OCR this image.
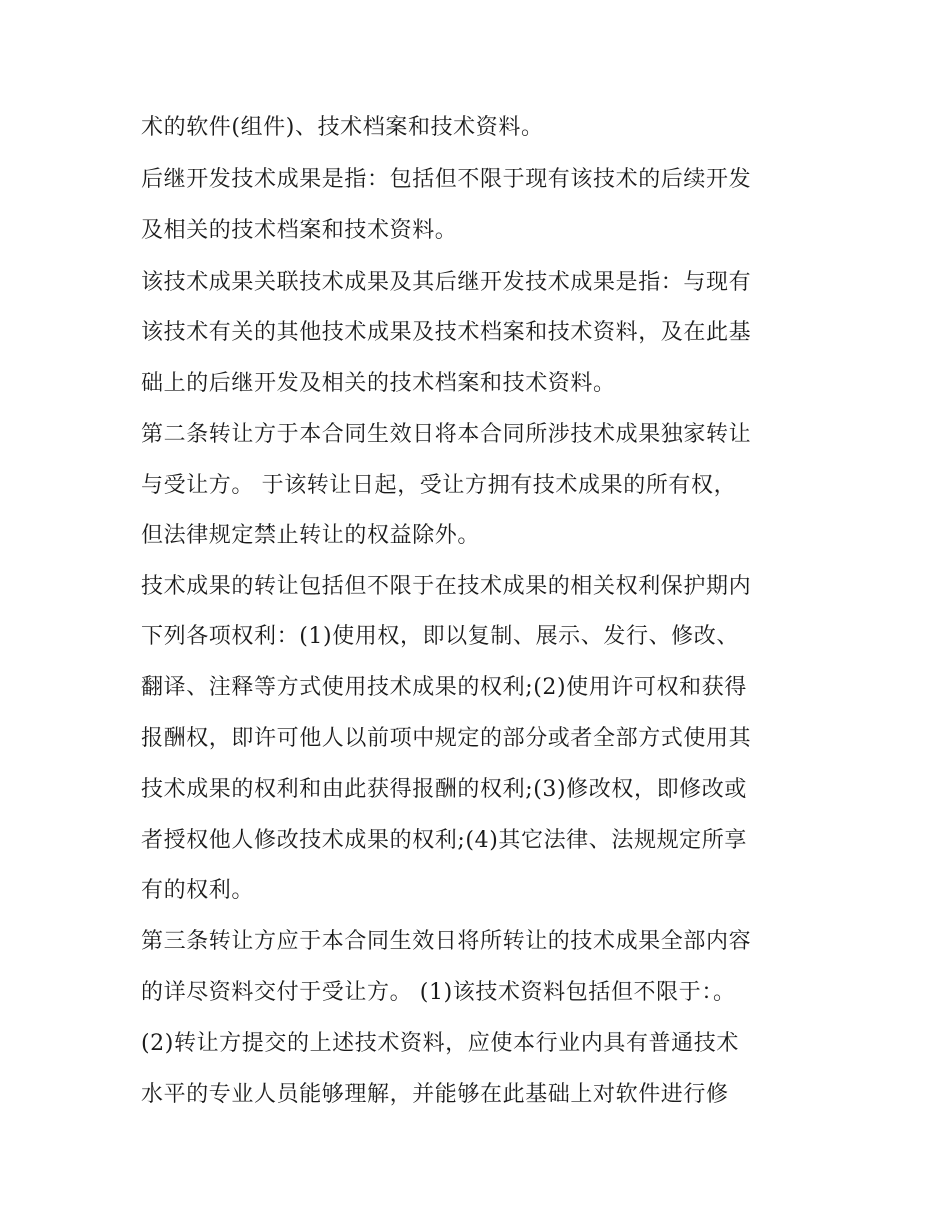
术的软件(组件)、技术档案和技术资料。
后继开发技术成果是指：包括但不限于现有该技术的后续开发
及相关的技术档案和技术资料。
该技术成果关联技术成果及其后继开发技术成果是指：与现有
该技术有关的其他技术成果及技术档案和技术资料，及在此基
础上的后继开发及相关的技术档案和技术资料。
第二条转让方于本合同生效日将本合同所涉技术成果独家转让
与受让方。 于该转让日起，受让方拥有技术成果的所有权，
但法律规定禁止转让的权益除外。
技术成果的转让包括但不限于在技术成果的相关权利保护期内
下列各项权利：(1)使用权，即以复制、展示、发行、修改、
翻译、注释等方式使用技术成果的权利;(2)使用许可权和获得
报酬权，即许可他人以前项中规定的部分或者全部方式使用其
技术成果的权利和由此获得报酬的权利;(3)修改权，即修改或
者授权他人修改技术成果的权利;(4)其它法律、法规规定所享
有的权利。
第三条转让方应于本合同生效日将所转让的技术成果全部内容
的详尽资料交付于受让方。 (1)该技术资料包括但不限于：。
(2)转让方提交的上述技术资料，应使本行业内具有普通技术
水平的专业人员能够理解，并能够在此基础上对软件进行修
